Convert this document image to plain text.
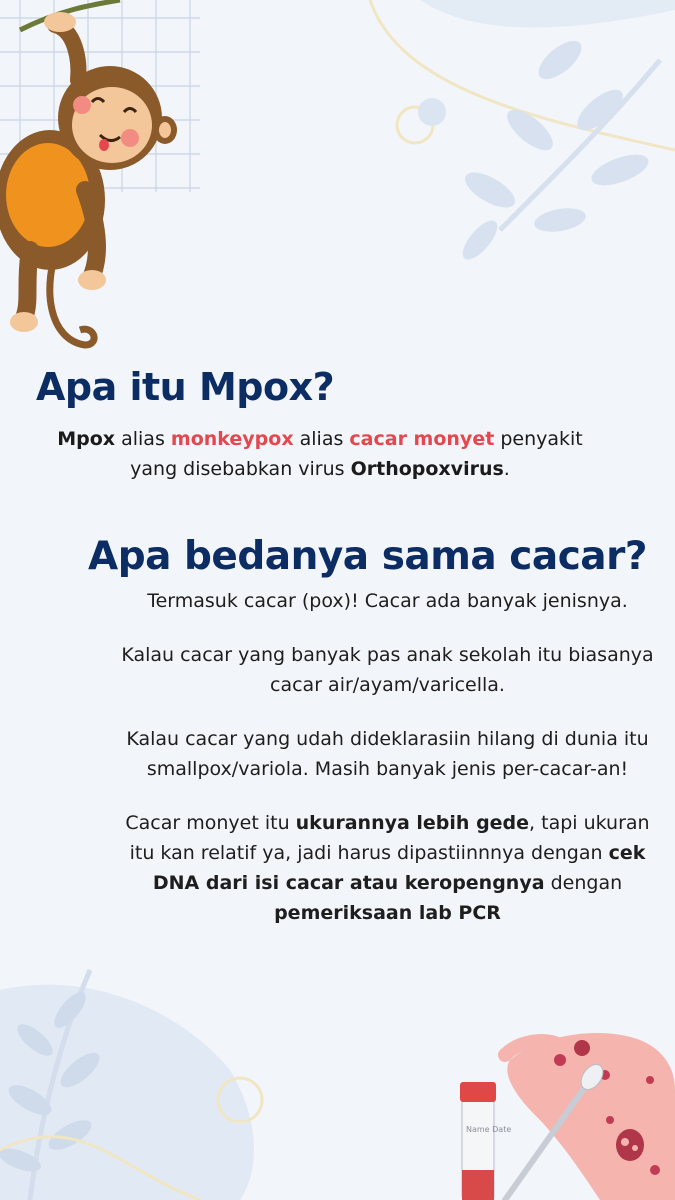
Name Date
Apa itu Mpox?

Mpox alias monkeypox alias cacar monyet penyakit yang disebabkan virus Orthopoxvirus.

Apa bedanya sama cacar?

Termasuk cacar (pox)! Cacar ada banyak jenisnya.

Kalau cacar yang banyak pas anak sekolah itu biasanya cacar air/ayam/varicella.

Kalau cacar yang udah dideklarasiin hilang di dunia itu smallpox/variola. Masih banyak jenis per-cacar-an!

Cacar monyet itu ukurannya lebih gede, tapi ukuran itu kan relatif ya, jadi harus dipastiinnnya dengan cek DNA dari isi cacar atau keropengnya dengan pemeriksaan lab PCR
